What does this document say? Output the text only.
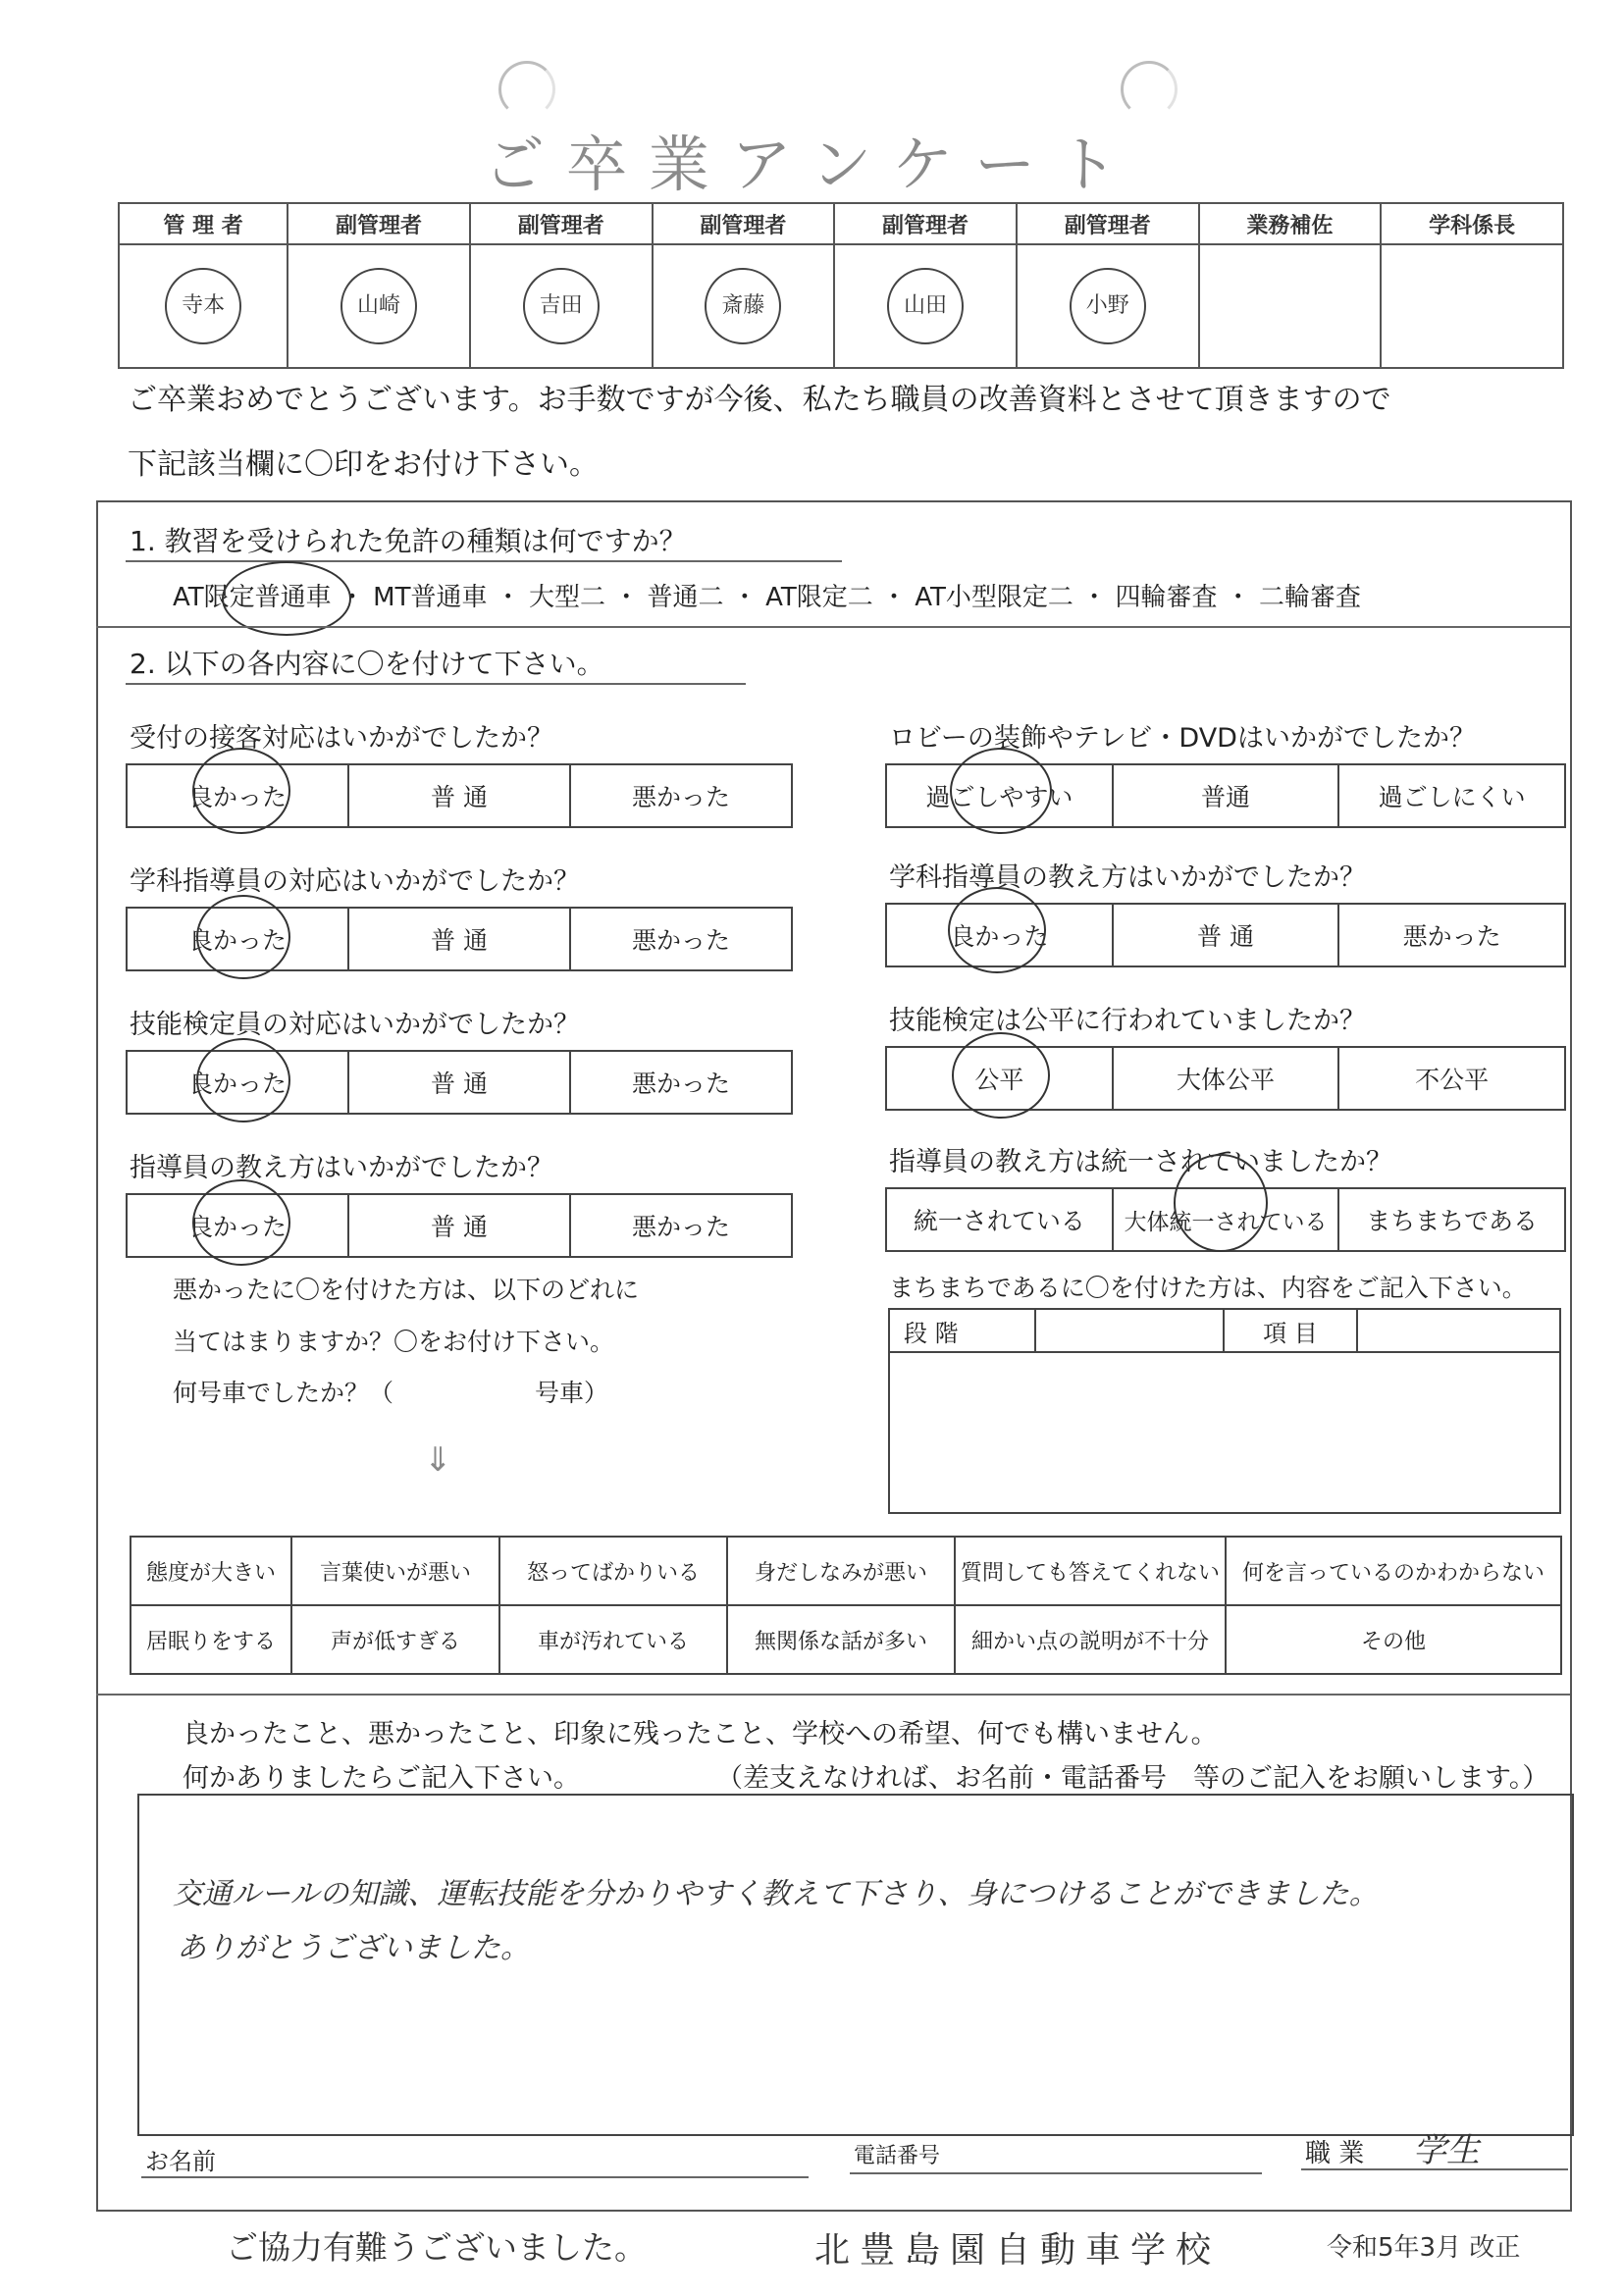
ご卒業アンケート
管 理 者	副管理者	副管理者	副管理者	副管理者	副管理者	業務補佐	学科係長
寺本	山崎	吉田	斎藤	山田	小野		
ご卒業おめでとうございます。お手数ですが今後、私たち職員の改善資料とさせて頂きますので
下記該当欄に〇印をお付け下さい。
1. 教習を受けられた免許の種類は何ですか？
AT限定普通車 ・ MT普通車 ・ 大型二 ・ 普通二 ・ AT限定二 ・ AT小型限定二 ・ 四輪審査 ・ 二輪審査
2. 以下の各内容に〇を付けて下さい。
受付の接客対応はいかがでしたか？
良かった	普 通	悪かった
学科指導員の対応はいかがでしたか？
良かった	普 通	悪かった
技能検定員の対応はいかがでしたか？
良かった	普 通	悪かった
指導員の教え方はいかがでしたか？
良かった	普 通	悪かった
ロビーの装飾やテレビ・DVDはいかがでしたか？
過ごしやすい	普通	過ごしにくい
学科指導員の教え方はいかがでしたか？
良かった	普 通	悪かった
技能検定は公平に行われていましたか？
公平	大体公平	不公平
指導員の教え方は統一されていましたか？
統一されている	大体統一されている	まちまちである
悪かったに〇を付けた方は、以下のどれに
当てはまりますか？〇をお付け下さい。
何号車でしたか？（	号車）
⇓
まちまちであるに〇を付けた方は、内容をご記入下さい。
段 階		項 目	

態度が大きい	言葉使いが悪い	怒ってばかりいる	身だしなみが悪い	質問しても答えてくれない	何を言っているのかわからない
居眠りをする	声が低すぎる	車が汚れている	無関係な話が多い	細かい点の説明が不十分	その他
良かったこと、悪かったこと、印象に残ったこと、学校への希望、何でも構いません。
何かありましたらご記入下さい。	（差支えなければ、お名前・電話番号　等のご記入をお願いします。）
交通ルールの知識、運転技能を分かりやすく教えて下さり、身につけることができました。
ありがとうございました。
お名前	電話番号	職 業 学生
ご協力有難うございました。	北豊島園自動車学校	令和5年3月 改正
